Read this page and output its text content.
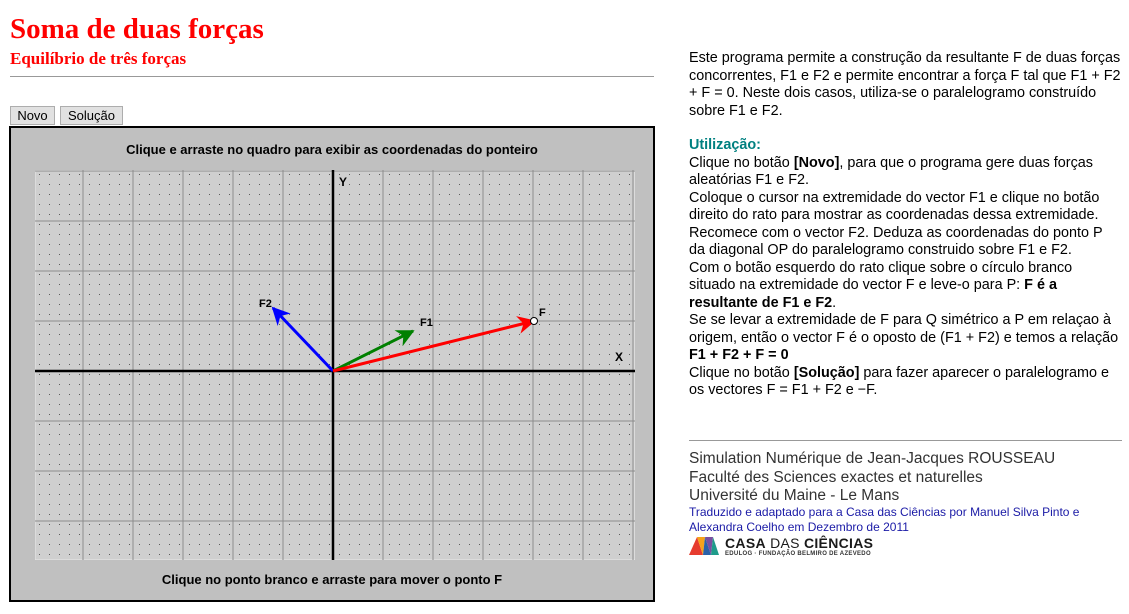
Soma de duas forças
Equilíbrio de três forças
Novo	Solução
Clique e arraste no quadro para exibir as coordenadas do ponteiro
Y
X
F2
F1
F
Clique no ponto branco e arraste para mover o ponto F

Este programa permite a construção da resultante F de duas forças concorrentes, F1 e F2 e permite encontrar a força F tal que F1 + F2 + F = 0. Neste dois casos, utiliza-se o paralelogramo construído sobre F1 e F2.

Utilização:

Clique no botão [Novo], para que o programa gere duas forças aleatórias F1 e F2.

Coloque o cursor na extremidade do vector F1 e clique no botão direito do rato para mostrar as coordenadas dessa extremidade. Recomece com o vector F2. Deduza as coordenadas do ponto P da diagonal OP do paralelogramo construido sobre F1 e F2.

Com o botão esquerdo do rato clique sobre o círculo branco situado na extremidade do vector F e leve-o para P: F é a resultante de F1 e F2.

Se se levar a extremidade de F para Q simétrico a P em relaçao à origem, então o vector F é o oposto de (F1 + F2) e temos a relação F1 + F2 + F = 0

Clique no botão [Solução] para fazer aparecer o paralelogramo e os vectores F = F1 + F2 e −F.

Simulation Numérique de Jean-Jacques ROUSSEAU
Faculté des Sciences exactes et naturelles
Université du Maine - Le Mans
Traduzido e adaptado para a Casa das Ciências por Manuel Silva Pinto e Alexandra Coelho em Dezembro de 2011
CASA DAS CIÊNCIAS
EDULOG · FUNDAÇÃO BELMIRO DE AZEVEDO
